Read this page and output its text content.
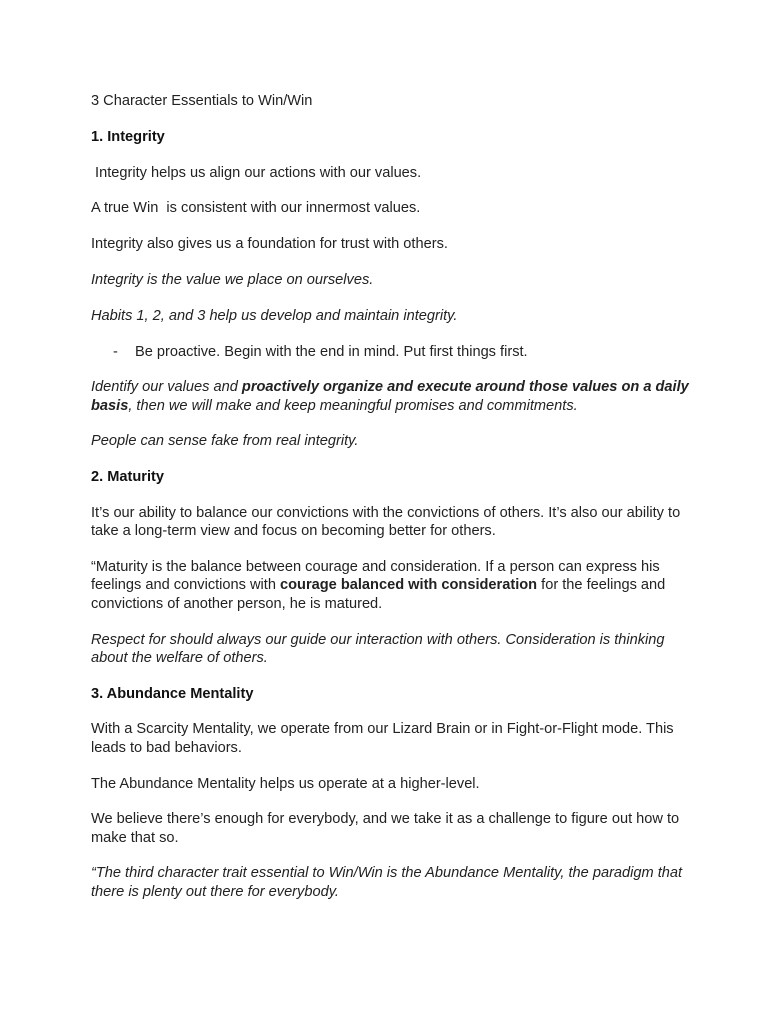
3 Character Essentials to Win/Win

1. Integrity

Integrity helps us align our actions with our values.

A true Win  is consistent with our innermost values.

Integrity also gives us a foundation for trust with others.

Integrity is the value we place on ourselves.

Habits 1, 2, and 3 help us develop and maintain integrity.

- Be proactive. Begin with the end in mind. Put first things first.

Identify our values and proactively organize and execute around those values on a daily basis, then we will make and keep meaningful promises and commitments.

People can sense fake from real integrity.

2. Maturity

It’s our ability to balance our convictions with the convictions of others. It’s also our ability to take a long-term view and focus on becoming better for others.

“Maturity is the balance between courage and consideration. If a person can express his feelings and convictions with courage balanced with consideration for the feelings and convictions of another person, he is matured.

Respect for should always our guide our interaction with others. Consideration is thinking about the welfare of others.

3. Abundance Mentality

With a Scarcity Mentality, we operate from our Lizard Brain or in Fight-or-Flight mode. This leads to bad behaviors.

The Abundance Mentality helps us operate at a higher-level.

We believe there’s enough for everybody, and we take it as a challenge to figure out how to make that so.

“The third character trait essential to Win/Win is the Abundance Mentality, the paradigm that there is plenty out there for everybody.
